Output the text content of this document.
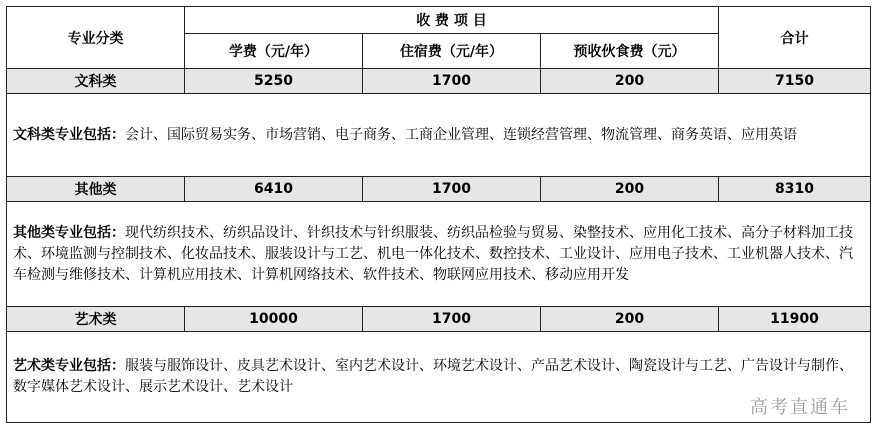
专业分类	收 费 项 目			合计
	学费（元/年）	住宿费（元/年）	预收伙食费（元）	
文科类	5250	1700	200	7150
文科类专业包括：会计、国际贸易实务、市场营销、电子商务、工商企业管理、连锁经营管理、物流管理、商务英语、应用英语				
其他类	6410	1700	200	8310
其他类专业包括：现代纺织技术、纺织品设计、针织技术与针织服装、纺织品检验与贸易、染整技术、应用化工技术、高分子材料加工技术、环境监测与控制技术、化妆品技术、服装设计与工艺、机电一体化技术、数控技术、工业设计、应用电子技术、工业机器人技术、汽车检测与维修技术、计算机应用技术、计算机网络技术、软件技术、物联网应用技术、移动应用开发				
艺术类	10000	1700	200	11900
艺术类专业包括：服装与服饰设计、皮具艺术设计、室内艺术设计、环境艺术设计、产品艺术设计、陶瓷设计与工艺、广告设计与制作、数字媒体艺术设计、展示艺术设计、艺术设计				
高考直通车
